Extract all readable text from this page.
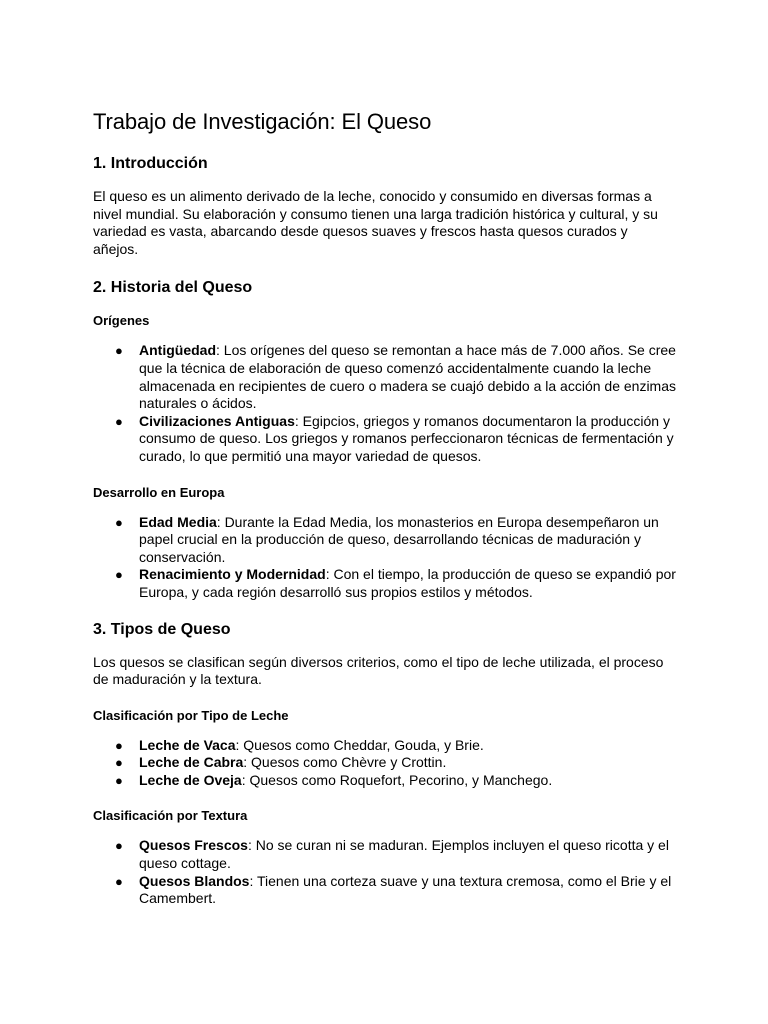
Trabajo de Investigación: El Queso
1. Introducción

El queso es un alimento derivado de la leche, conocido y consumido en diversas formas a nivel mundial. Su elaboración y consumo tienen una larga tradición histórica y cultural, y su variedad es vasta, abarcando desde quesos suaves y frescos hasta quesos curados y añejos.

2. Historia del Queso
Orígenes
● Antigüedad: Los orígenes del queso se remontan a hace más de 7.000 años. Se cree que la técnica de elaboración de queso comenzó accidentalmente cuando la leche almacenada en recipientes de cuero o madera se cuajó debido a la acción de enzimas naturales o ácidos.
● Civilizaciones Antiguas: Egipcios, griegos y romanos documentaron la producción y consumo de queso. Los griegos y romanos perfeccionaron técnicas de fermentación y curado, lo que permitió una mayor variedad de quesos.
Desarrollo en Europa
● Edad Media: Durante la Edad Media, los monasterios en Europa desempeñaron un papel crucial en la producción de queso, desarrollando técnicas de maduración y conservación.
● Renacimiento y Modernidad: Con el tiempo, la producción de queso se expandió por Europa, y cada región desarrolló sus propios estilos y métodos.
3. Tipos de Queso

Los quesos se clasifican según diversos criterios, como el tipo de leche utilizada, el proceso de maduración y la textura.

Clasificación por Tipo de Leche
● Leche de Vaca: Quesos como Cheddar, Gouda, y Brie.
● Leche de Cabra: Quesos como Chèvre y Crottin.
● Leche de Oveja: Quesos como Roquefort, Pecorino, y Manchego.
Clasificación por Textura
● Quesos Frescos: No se curan ni se maduran. Ejemplos incluyen el queso ricotta y el queso cottage.
● Quesos Blandos: Tienen una corteza suave y una textura cremosa, como el Brie y el Camembert.
